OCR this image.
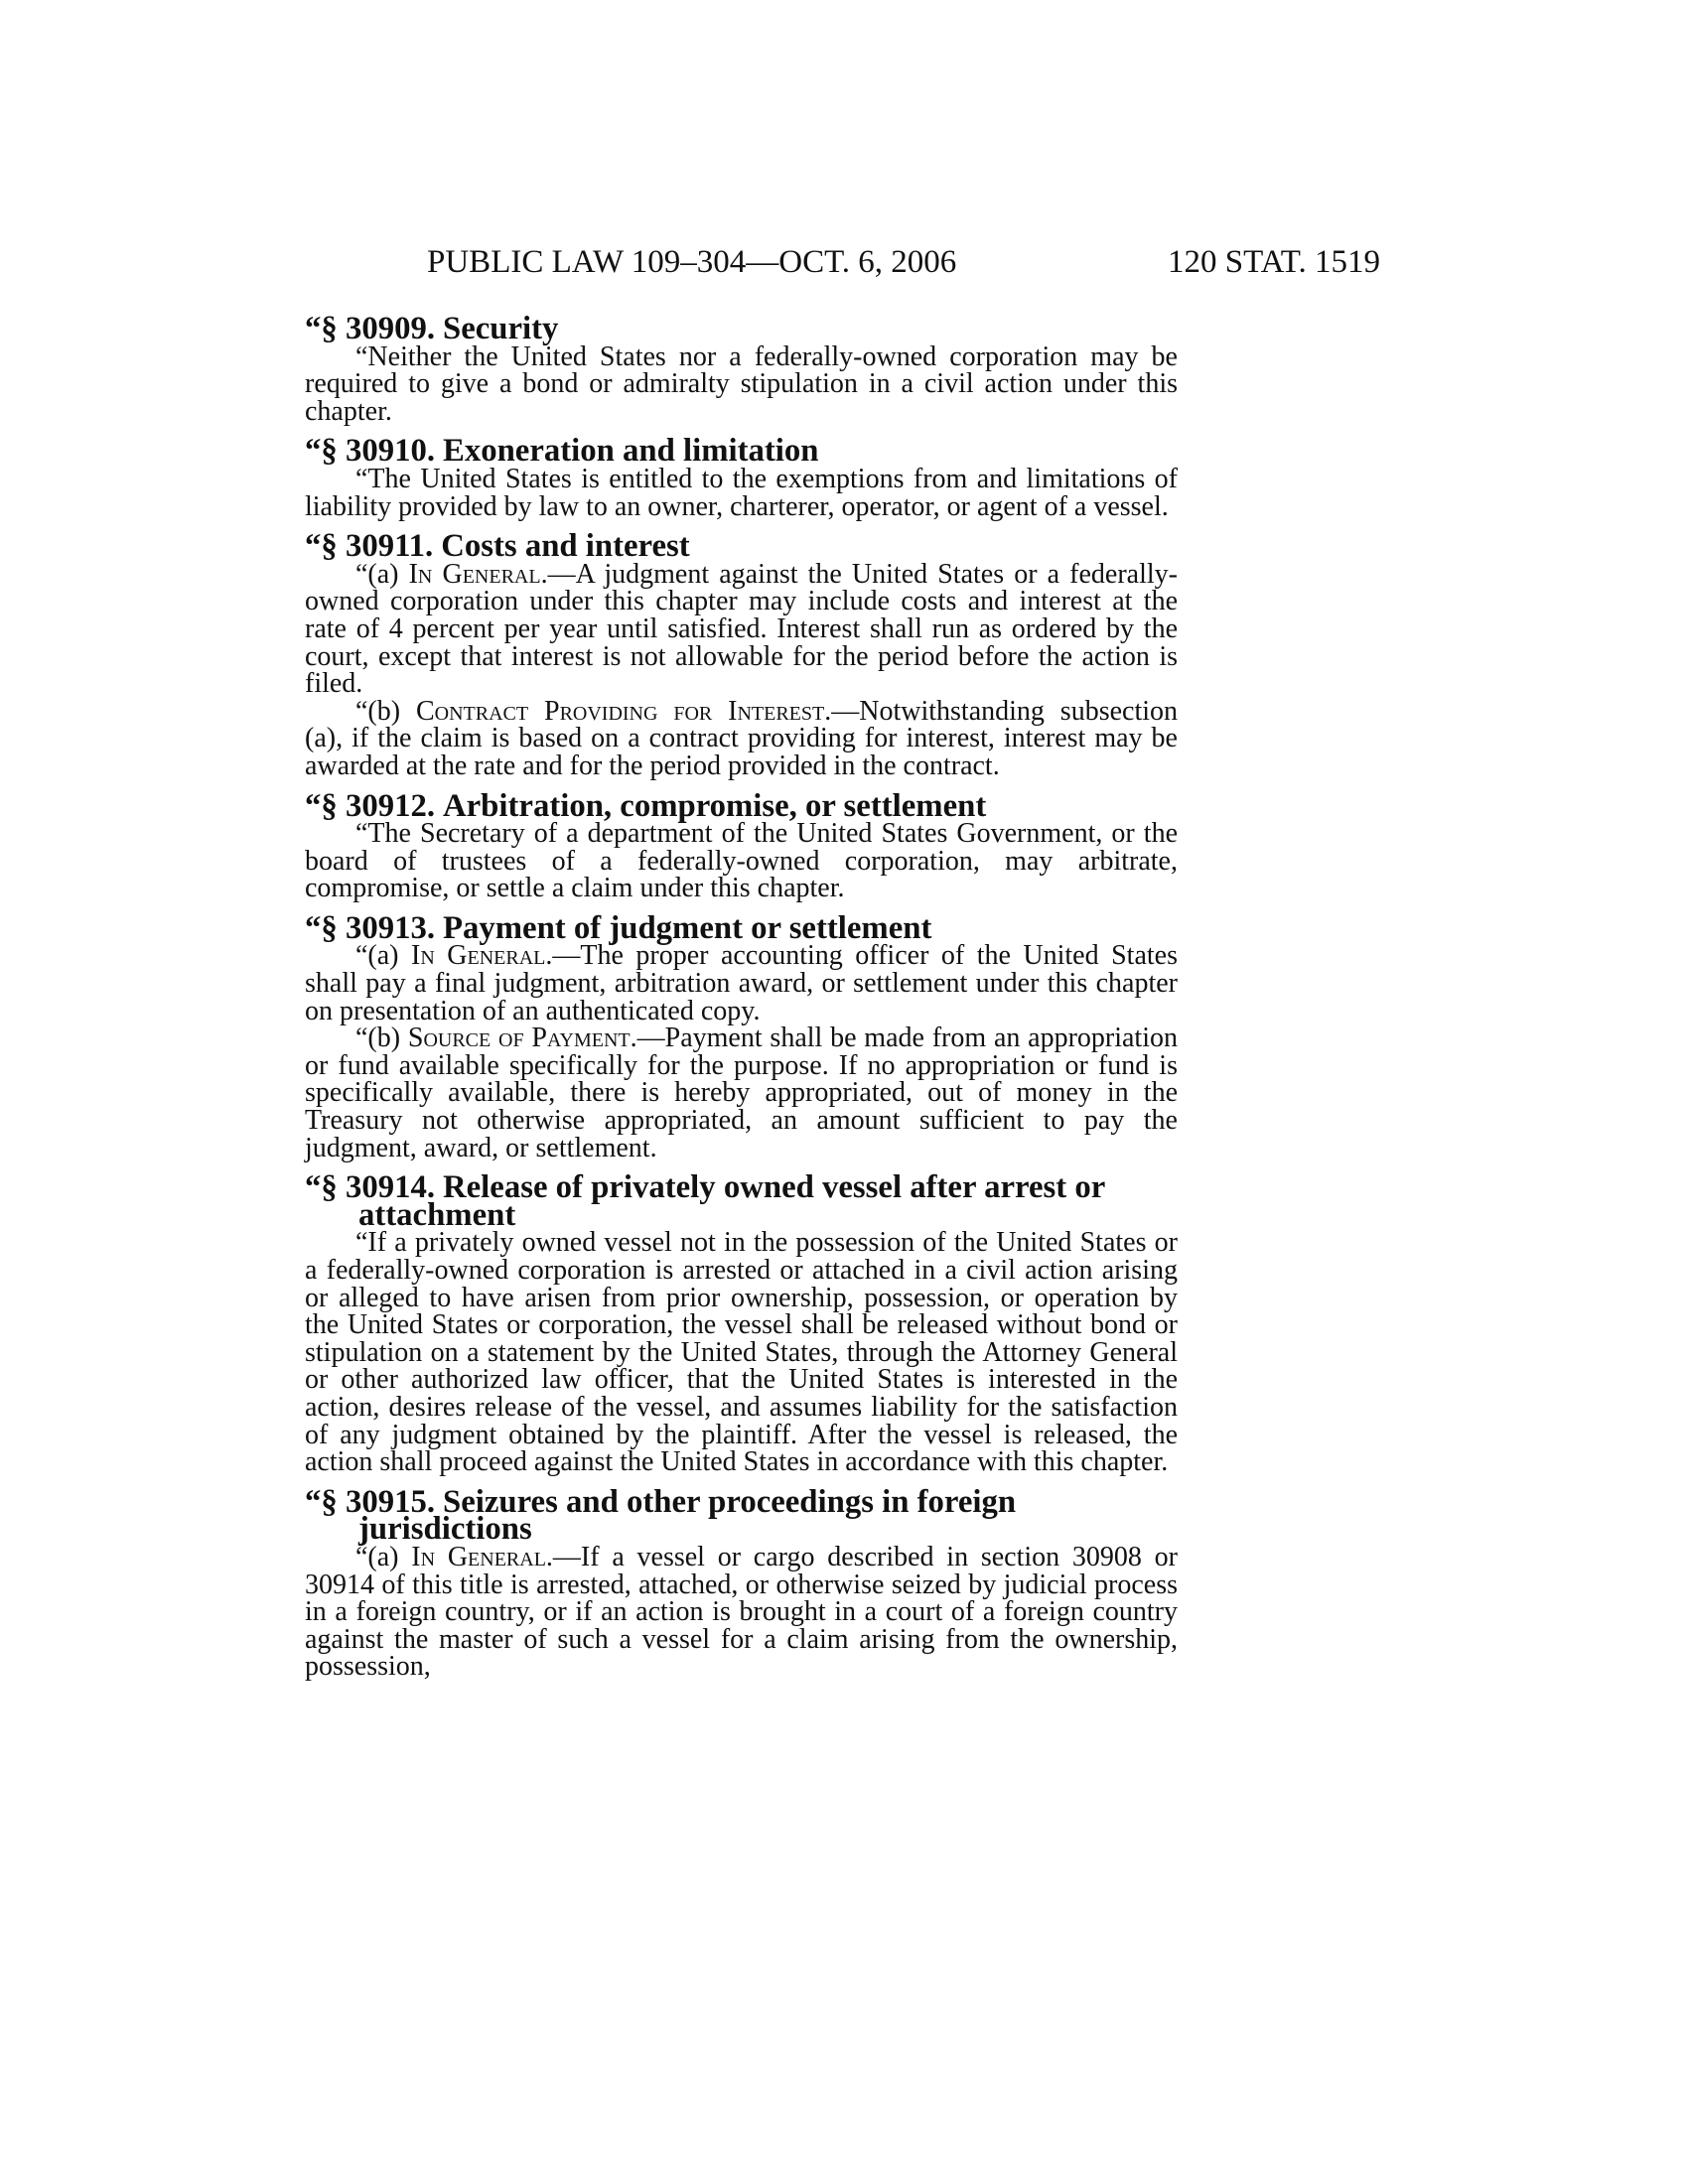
PUBLIC LAW 109–304—OCT. 6, 2006	120 STAT. 1519
“§ 30909. Security

“Neither the United States nor a federally-owned corporation may be required to give a bond or admiralty stipulation in a civil action under this chapter.

“§ 30910. Exoneration and limitation

“The United States is entitled to the exemptions from and limitations of liability provided by law to an owner, charterer, operator, or agent of a vessel.

“§ 30911. Costs and interest

“(a) In General.—A judgment against the United States or a federally-owned corporation under this chapter may include costs and interest at the rate of 4 percent per year until satisfied. Interest shall run as ordered by the court, except that interest is not allowable for the period before the action is filed.

“(b) Contract Providing for Interest.—Notwithstanding subsection (a), if the claim is based on a contract providing for interest, interest may be awarded at the rate and for the period provided in the contract.

“§ 30912. Arbitration, compromise, or settlement

“The Secretary of a department of the United States Government, or the board of trustees of a federally-owned corporation, may arbitrate, compromise, or settle a claim under this chapter.

“§ 30913. Payment of judgment or settlement

“(a) In General.—The proper accounting officer of the United States shall pay a final judgment, arbitration award, or settlement under this chapter on presentation of an authenticated copy.

“(b) Source of Payment.—Payment shall be made from an appropriation or fund available specifically for the purpose. If no appropriation or fund is specifically available, there is hereby appropriated, out of money in the Treasury not otherwise appropriated, an amount sufficient to pay the judgment, award, or settlement.

“§ 30914. Release of privately owned vessel after arrest or attachment

“If a privately owned vessel not in the possession of the United States or a federally-owned corporation is arrested or attached in a civil action arising or alleged to have arisen from prior ownership, possession, or operation by the United States or corporation, the vessel shall be released without bond or stipulation on a statement by the United States, through the Attorney General or other authorized law officer, that the United States is interested in the action, desires release of the vessel, and assumes liability for the satisfaction of any judgment obtained by the plaintiff. After the vessel is released, the action shall proceed against the United States in accordance with this chapter.

“§ 30915. Seizures and other proceedings in foreign jurisdictions

“(a) In General.—If a vessel or cargo described in section 30908 or 30914 of this title is arrested, attached, or otherwise seized by judicial process in a foreign country, or if an action is brought in a court of a foreign country against the master of such a vessel for a claim arising from the ownership, possession,
